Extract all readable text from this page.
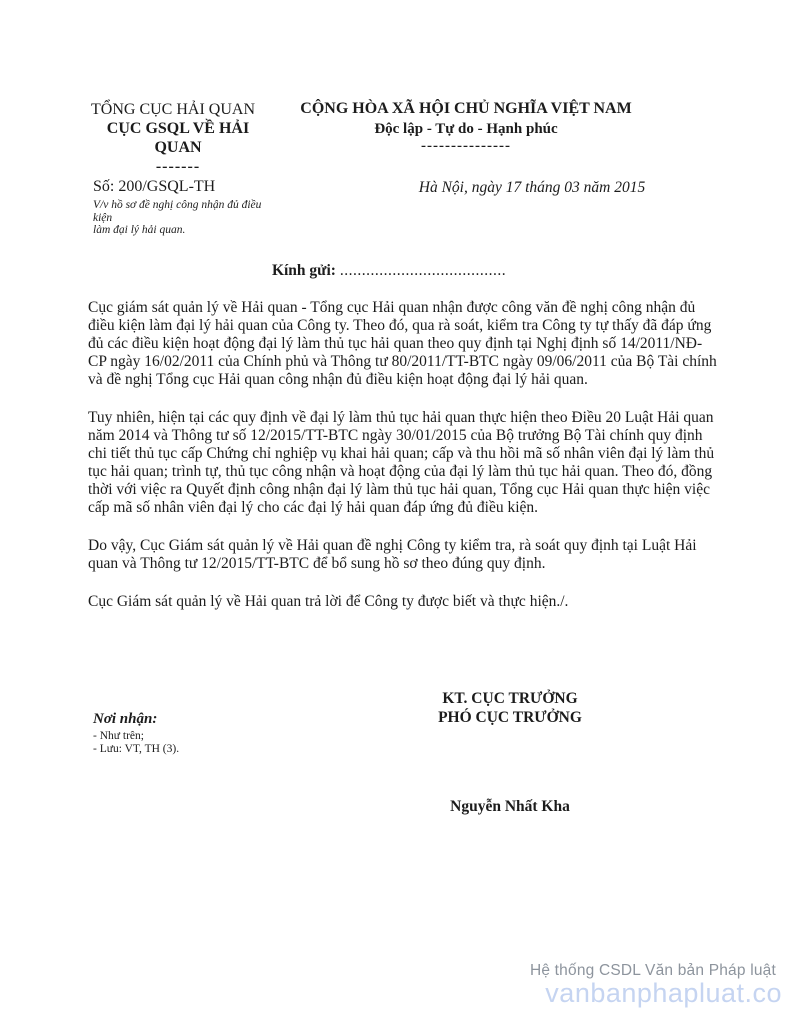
TỔNG CỤC HẢI QUAN
CỤC GSQL VỀ HẢI QUAN
-------
Số: 200/GSQL-TH
V/v hồ sơ đề nghị công nhận đủ điều kiện
làm đại lý hải quan.
CỘNG HÒA XÃ HỘI CHỦ NGHĨA VIỆT NAM
Độc lập - Tự do - Hạnh phúc
---------------
Hà Nội, ngày 17 tháng 03 năm 2015
Kính gửi: ......................................

Cục giám sát quản lý về Hải quan - Tổng cục Hải quan nhận được công văn đề nghị công nhận đủ điều kiện làm đại lý hải quan của Công ty. Theo đó, qua rà soát, kiểm tra Công ty tự thấy đã đáp ứng đủ các điều kiện hoạt động đại lý làm thủ tục hải quan theo quy định tại Nghị định số 14/2011/NĐ-CP ngày 16/02/2011 của Chính phủ và Thông tư 80/2011/TT-BTC ngày 09/06/2011 của Bộ Tài chính và đề nghị Tổng cục Hải quan công nhận đủ điều kiện hoạt động đại lý hải quan.

Tuy nhiên, hiện tại các quy định về đại lý làm thủ tục hải quan thực hiện theo Điều 20 Luật Hải quan năm 2014 và Thông tư số 12/2015/TT-BTC ngày 30/01/2015 của Bộ trưởng Bộ Tài chính quy định chi tiết thủ tục cấp Chứng chỉ nghiệp vụ khai hải quan; cấp và thu hồi mã số nhân viên đại lý làm thủ tục hải quan; trình tự, thủ tục công nhận và hoạt động của đại lý làm thủ tục hải quan. Theo đó, đồng thời với việc ra Quyết định công nhận đại lý làm thủ tục hải quan, Tổng cục Hải quan thực hiện việc cấp mã số nhân viên đại lý cho các đại lý hải quan đáp ứng đủ điều kiện.

Do vậy, Cục Giám sát quản lý về Hải quan đề nghị Công ty kiểm tra, rà soát quy định tại Luật Hải quan và Thông tư 12/2015/TT-BTC để bổ sung hồ sơ theo đúng quy định.

Cục Giám sát quản lý về Hải quan trả lời để Công ty được biết và thực hiện./.

KT. CỤC TRƯỞNG
PHÓ CỤC TRƯỞNG
Nguyễn Nhất Kha
Nơi nhận:
- Như trên;
- Lưu: VT, TH (3).
Hệ thống CSDL Văn bản Pháp luật
vanbanphapluat.co
